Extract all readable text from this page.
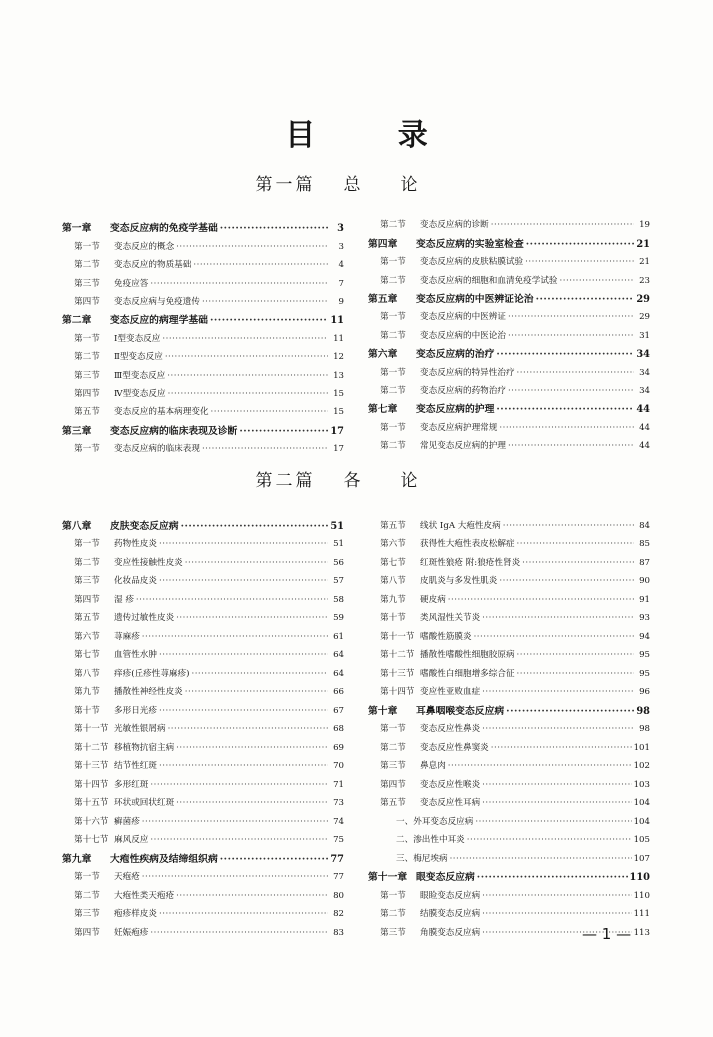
目 录
第一篇 总论
第一章	变态反应病的免疫学基础 ·····	3
第一节	变态反应的概念 ·····	3
第二节	变态反应的物质基础 ·····	4
第三节	免疫应答 ·····	7
第四节	变态反应病与免疫遗传 ·····	9
第二章	变态反应的病理学基础 ·····	11
第一节	Ⅰ型变态反应 ·····	11
第二节	Ⅱ型变态反应 ·····	12
第三节	Ⅲ型变态反应 ·····	13
第四节	Ⅳ型变态反应 ·····	15
第五节	变态反应的基本病理变化 ·····	15
第三章	变态反应病的临床表现及诊断 ·····	17
第一节	变态反应病的临床表现 ·····	17
第二节	变态反应病的诊断 ·····	19
第四章	变态反应病的实验室检查 ·····	21
第一节	变态反应病的皮肤粘膜试验 ·····	21
第二节	变态反应病的细胞和血清免疫学试验 ·····	23
第五章	变态反应病的中医辨证论治 ·····	29
第一节	变态反应病的中医辨证 ·····	29
第二节	变态反应病的中医论治 ·····	31
第六章	变态反应病的治疗 ·····	34
第一节	变态反应病的特异性治疗 ·····	34
第二节	变态反应病的药物治疗 ·····	34
第七章	变态反应病的护理 ·····	44
第一节	变态反应病护理常规 ·····	44
第二节	常见变态反应病的护理 ·····	44
第二篇 各论
第八章	皮肤变态反应病 ·····	51
第一节	药物性皮炎 ·····	51
第二节	变应性接触性皮炎 ·····	56
第三节	化妆品皮炎 ·····	57
第四节	湿 疹 ·····	58
第五节	遗传过敏性皮炎 ·····	59
第六节	荨麻疹 ·····	61
第七节	血管性水肿 ·····	64
第八节	痒疹(丘疹性荨麻疹) ·····	64
第九节	播散性神经性皮炎 ·····	66
第十节	多形日光疹 ·····	67
第十一节 光敏性银屑病 ·····	68
第十二节 移植物抗宿主病 ·····	69
第十三节 结节性红斑 ·····	70
第十四节 多形红斑 ·····	71
第十五节 环状或回状红斑 ·····	73
第十六节 癣菌疹 ·····	74
第十七节 麻风反应 ·····	75
第九章	大疱性疾病及结缔组织病 ·····	77
第一节	天疱疮 ·····	77
第二节	大疱性类天疱疮 ·····	80
第三节	疱疹样皮炎 ·····	82
第四节	妊娠疱疹 ·····	83
第五节	线状 IgA 大疱性皮病 ·····	84
第六节	获得性大疱性表皮松解症 ·····	85
第七节	红斑性狼疮 附:狼疮性肾炎 ·····	87
第八节	皮肌炎与多发性肌炎 ·····	90
第九节	硬皮病 ·····	91
第十节	类风湿性关节炎 ·····	93
第十一节 嗜酸性筋膜炎 ·····	94
第十二节 播散性嗜酸性细胞胶原病 ·····	95
第十三节 嗜酸性白细胞增多综合征 ·····	95
第十四节 变应性亚败血症 ·····	96
第十章	耳鼻咽喉变态反应病 ·····	98
第一节	变态反应性鼻炎 ·····	98
第二节	变态反应性鼻窦炎 ·····	101
第三节	鼻息肉 ·····	102
第四节	变态反应性喉炎 ·····	103
第五节	变态反应性耳病 ·····	104
一、外耳变态反应病 ·····	104
二、渗出性中耳炎 ·····	105
三、梅尼埃病 ·····	107
第十一章 眼变态反应病 ·····	110
第一节	眼睑变态反应病 ·····	110
第二节	结膜变态反应病 ·····	111
第三节	角膜变态反应病 ·····	113
— 1 —
